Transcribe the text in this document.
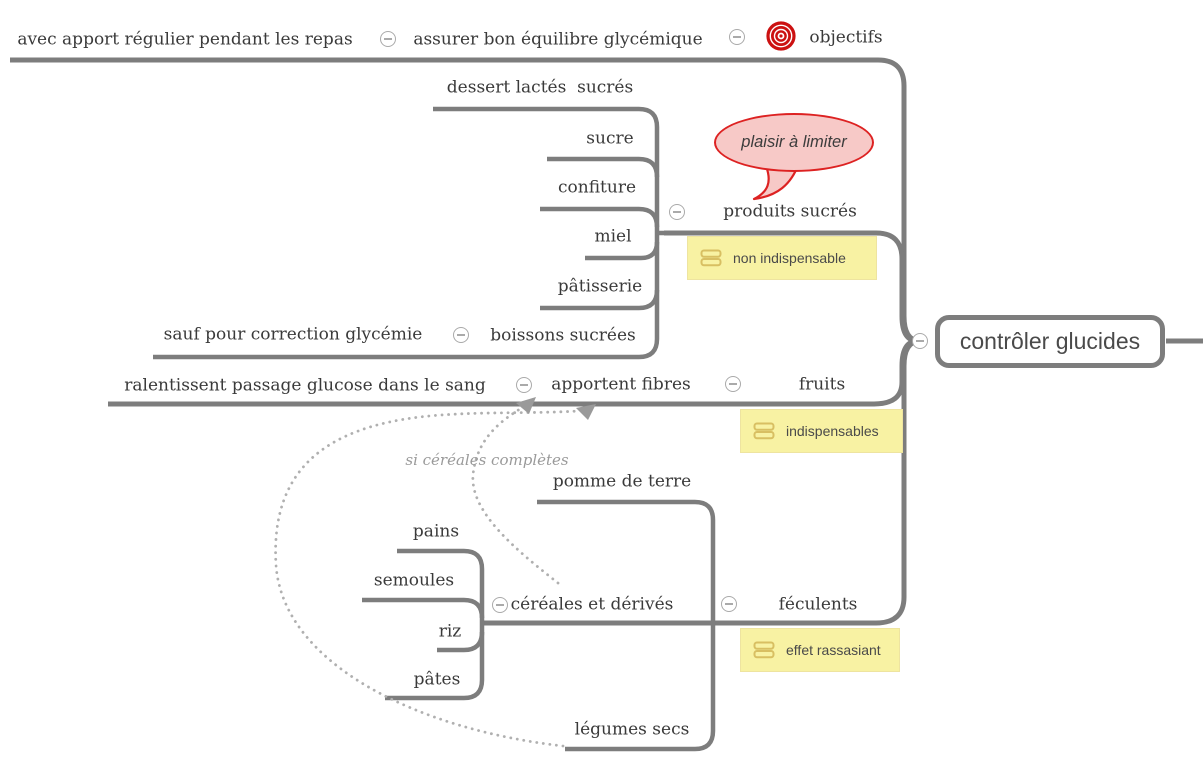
non indispensable
indispensables
effet rassasiant
plaisir à limiter
avec apport régulier pendant les repas	assurer bon équilibre glycémique	objectifs
dessert lactés  sucrés
sucre
confiture
produits sucrés
miel
pâtisserie
sauf pour correction glycémie	boissons sucrées
ralentissent passage glucose dans le sang	apportent fibres	fruits
pomme de terre
pains
semoules
céréales et dérivés	féculents
riz
pâtes
légumes secs
si céréales complètes
contrôler glucides
